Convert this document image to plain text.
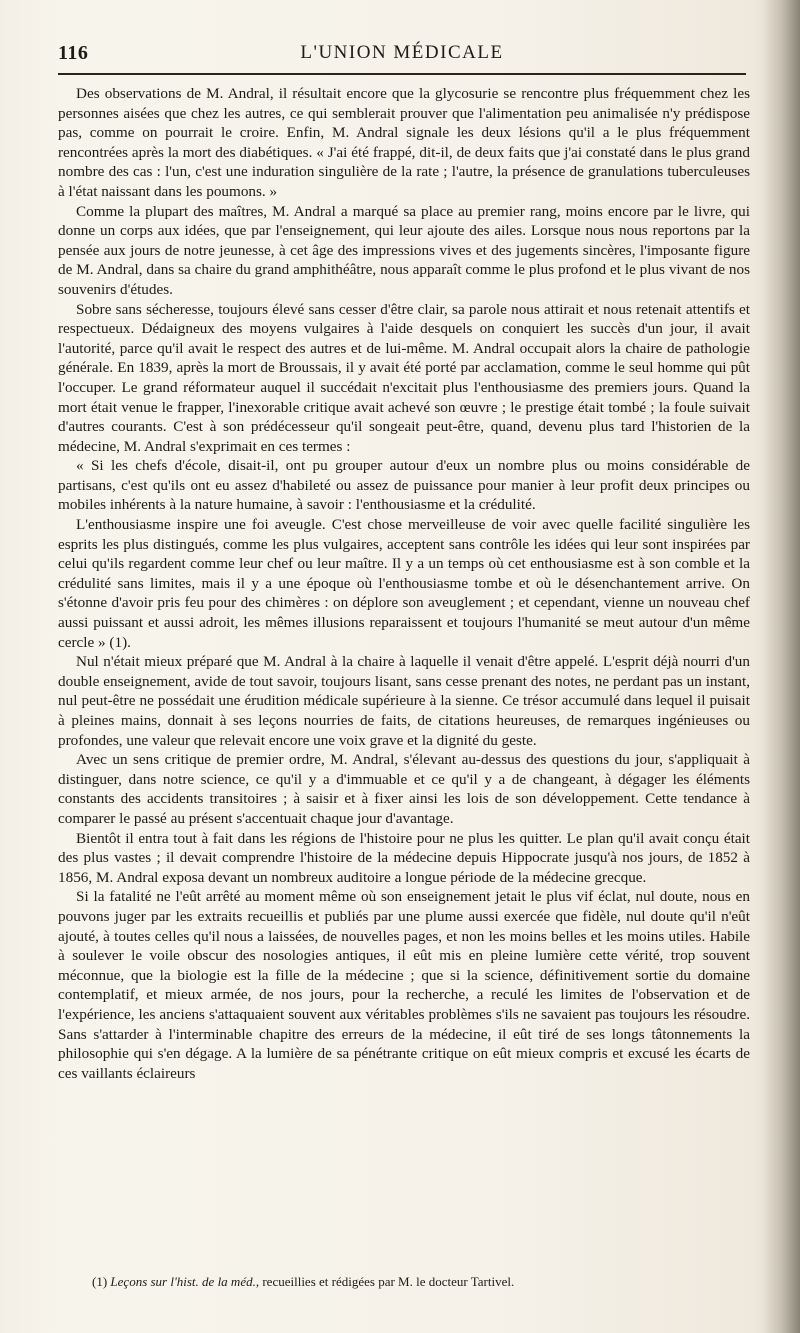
116	L'UNION MÉDICALE

Des observations de M. Andral, il résultait encore que la glycosurie se rencontre plus fréquemment chez les personnes aisées que chez les autres, ce qui semblerait prouver que l'alimentation peu animalisée n'y prédispose pas, comme on pourrait le croire. Enfin, M. Andral signale les deux lésions qu'il a le plus fréquemment rencontrées après la mort des diabétiques. « J'ai été frappé, dit-il, de deux faits que j'ai constaté dans le plus grand nombre des cas : l'un, c'est une induration singulière de la rate ; l'autre, la présence de granulations tuberculeuses à l'état naissant dans les poumons. »

Comme la plupart des maîtres, M. Andral a marqué sa place au premier rang, moins encore par le livre, qui donne un corps aux idées, que par l'enseignement, qui leur ajoute des ailes. Lorsque nous nous reportons par la pensée aux jours de notre jeunesse, à cet âge des impressions vives et des jugements sincères, l'imposante figure de M. Andral, dans sa chaire du grand amphithéâtre, nous apparaît comme le plus profond et le plus vivant de nos souvenirs d'études.

Sobre sans sécheresse, toujours élevé sans cesser d'être clair, sa parole nous attirait et nous retenait attentifs et respectueux. Dédaigneux des moyens vulgaires à l'aide desquels on conquiert les succès d'un jour, il avait l'autorité, parce qu'il avait le respect des autres et de lui-même. M. Andral occupait alors la chaire de pathologie générale. En 1839, après la mort de Broussais, il y avait été porté par acclamation, comme le seul homme qui pût l'occuper. Le grand réformateur auquel il succédait n'excitait plus l'enthousiasme des premiers jours. Quand la mort était venue le frapper, l'inexorable critique avait achevé son œuvre ; le prestige était tombé ; la foule suivait d'autres courants. C'est à son prédécesseur qu'il songeait peut-être, quand, devenu plus tard l'historien de la médecine, M. Andral s'exprimait en ces termes :

« Si les chefs d'école, disait-il, ont pu grouper autour d'eux un nombre plus ou moins considérable de partisans, c'est qu'ils ont eu assez d'habileté ou assez de puissance pour manier à leur profit deux principes ou mobiles inhérents à la nature humaine, à savoir : l'enthousiasme et la crédulité.

L'enthousiasme inspire une foi aveugle. C'est chose merveilleuse de voir avec quelle facilité singulière les esprits les plus distingués, comme les plus vulgaires, acceptent sans contrôle les idées qui leur sont inspirées par celui qu'ils regardent comme leur chef ou leur maître. Il y a un temps où cet enthousiasme est à son comble et la crédulité sans limites, mais il y a une époque où l'enthousiasme tombe et où le désenchantement arrive. On s'étonne d'avoir pris feu pour des chimères : on déplore son aveuglement ; et cependant, vienne un nouveau chef aussi puissant et aussi adroit, les mêmes illusions reparaissent et toujours l'humanité se meut autour d'un même cercle » (1).

Nul n'était mieux préparé que M. Andral à la chaire à laquelle il venait d'être appelé. L'esprit déjà nourri d'un double enseignement, avide de tout savoir, toujours lisant, sans cesse prenant des notes, ne perdant pas un instant, nul peut-être ne possédait une érudition médicale supérieure à la sienne. Ce trésor accumulé dans lequel il puisait à pleines mains, donnait à ses leçons nourries de faits, de citations heureuses, de remarques ingénieuses ou profondes, une valeur que relevait encore une voix grave et la dignité du geste.

Avec un sens critique de premier ordre, M. Andral, s'élevant au-dessus des questions du jour, s'appliquait à distinguer, dans notre science, ce qu'il y a d'immuable et ce qu'il y a de changeant, à dégager les éléments constants des accidents transitoires ; à saisir et à fixer ainsi les lois de son développement. Cette tendance à comparer le passé au présent s'accentuait chaque jour d'avantage.

Bientôt il entra tout à fait dans les régions de l'histoire pour ne plus les quitter. Le plan qu'il avait conçu était des plus vastes ; il devait comprendre l'histoire de la médecine depuis Hippocrate jusqu'à nos jours, de 1852 à 1856, M. Andral exposa devant un nombreux auditoire a longue période de la médecine grecque.

Si la fatalité ne l'eût arrêté au moment même où son enseignement jetait le plus vif éclat, nul doute, nous en pouvons juger par les extraits recueillis et publiés par une plume aussi exercée que fidèle, nul doute qu'il n'eût ajouté, à toutes celles qu'il nous a laissées, de nouvelles pages, et non les moins belles et les moins utiles. Habile à soulever le voile obscur des nosologies antiques, il eût mis en pleine lumière cette vérité, trop souvent méconnue, que la biologie est la fille de la médecine ; que si la science, définitivement sortie du domaine contemplatif, et mieux armée, de nos jours, pour la recherche, a reculé les limites de l'observation et de l'expérience, les anciens s'attaquaient souvent aux véritables problèmes s'ils ne savaient pas toujours les résoudre. Sans s'attarder à l'interminable chapitre des erreurs de la médecine, il eût tiré de ses longs tâtonnements la philosophie qui s'en dégage. A la lumière de sa pénétrante critique on eût mieux compris et excusé les écarts de ces vaillants éclaireurs

(1) Leçons sur l'hist. de la méd., recueillies et rédigées par M. le docteur Tartivel.
